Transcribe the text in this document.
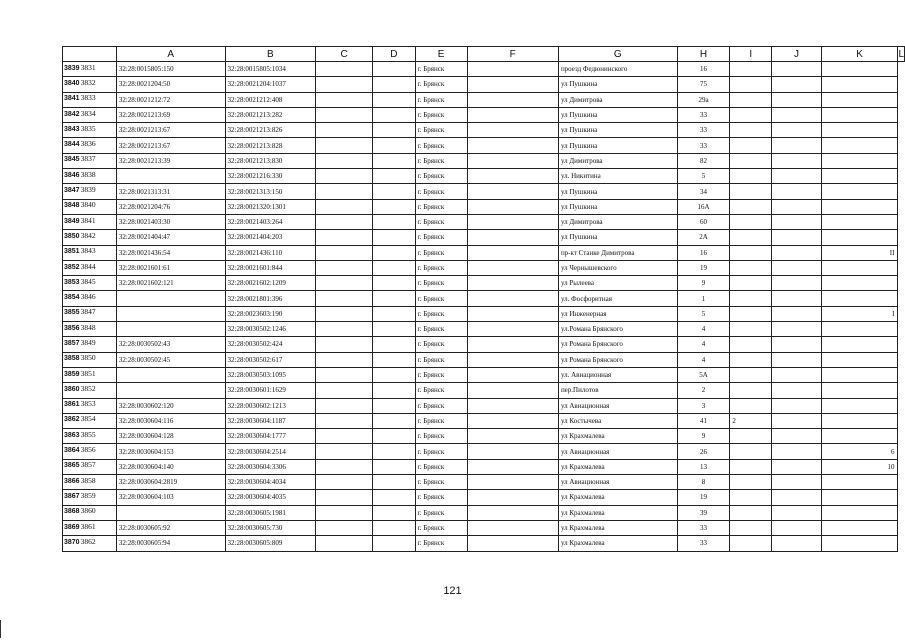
	A	B	C	D	E	F	G	H	I	J	K	L
38393831	32:28:0015805:150	32:28:0015805:1034			г. Брянск		проезд Федюнинского	16				
38403832	32:28:0021204:50	32:28:0021204:1037			г. Брянск		ул Пушкина	75				
38413833	32:28:0021212:72	32:28:0021212:408			г. Брянск		ул Димитрова	29а				
38423834	32:28:0021213:69	32:28:0021213:282			г. Брянск		ул Пушкина	33				
38433835	32:28:0021213:67	32:28:0021213:826			г. Брянск		ул Пушкина	33				
38443836	32:28:0021213:67	32:28:0021213:828			г. Брянск		ул Пушкина	33				
38453837	32:28:0021213:39	32:28:0021213:830			г. Брянск		ул Димитрова	82				
38463838		32:28:0021216:330			г. Брянск		ул. Никитина	5				
38473839	32:28:0021313:31	32:28:0021313:150			г. Брянск		ул Пушкина	34				
38483840	32:28:0021204:76	32:28:0021320:1301			г. Брянск		ул Пушкина	16А				
38493841	32:28:0021403:30	32:28:0021403:264			г. Брянск		ул Димитрова	60				
38503842	32:28:0021404:47	32:28:0021404:203			г. Брянск		ул Пушкина	2А				
38513843	32:28:0021436:54	32:28:0021436:110			г. Брянск		пр-кт Станке Димитрова	16			II	
38523844	32:28:0021601:61	32:28:0021601:844			г. Брянск		ул Чернышевского	19				
38533845	32:28:0021602:121	32:28:0021602:1209			г. Брянск		ул Рылеева	9				
38543846		32:28:0021801:396			г. Брянск		ул. Фосфоритная	1				
38553847		32:28:0023603:190			г. Брянск		ул Инженерная	5			I	
38563848		32:28:0030502:1246			г. Брянск		ул.Романа Брянского	4				
38573849	32:28:0030502:43	32:28:0030502:424			г. Брянск		ул Романа Брянского	4				
38583850	32:28:0030502:45	32:28:0030502:617			г. Брянск		ул Романа Брянского	4				
38593851		32:28:0030503:1095			г. Брянск		ул. Авиационная	5А				
38603852		32:28:0030601:1629			г. Брянск		пер.Пилотов	2				
38613853	32:28:0030602:120	32:28:0030602:1213			г. Брянск		ул Авиационная	3				
38623854	32:28:0030604:116	32:28:0030604:1187			г. Брянск		ул Костычева	41	2			
38633855	32:28:0030604:128	32:28:0030604:1777			г. Брянск		ул Крахмалева	9				
38643856	32:28:0030604:153	32:28:0030604:2514			г. Брянск		ул Авиационная	26			6	
38653857	32:28:0030604:140	32:28:0030604:3306			г. Брянск		ул Крахмалева	13			10	
38663858	32:28:0030604:2819	32:28:0030604:4034			г. Брянск		ул Авиационная	8				
38673859	32:28:0030604:103	32:28:0030604:4035			г. Брянск		ул Крахмалева	19				
38683860		32:28:0030605:1981			г. Брянск		ул Крахмалева	39				
38693861	32:28:0030605:92	32:28:0030605:730			г. Брянск		ул Крахмалева	33				
38703862	32:28:0030605:94	32:28:0030605:809			г. Брянск		ул Крахмалева	33				
121
